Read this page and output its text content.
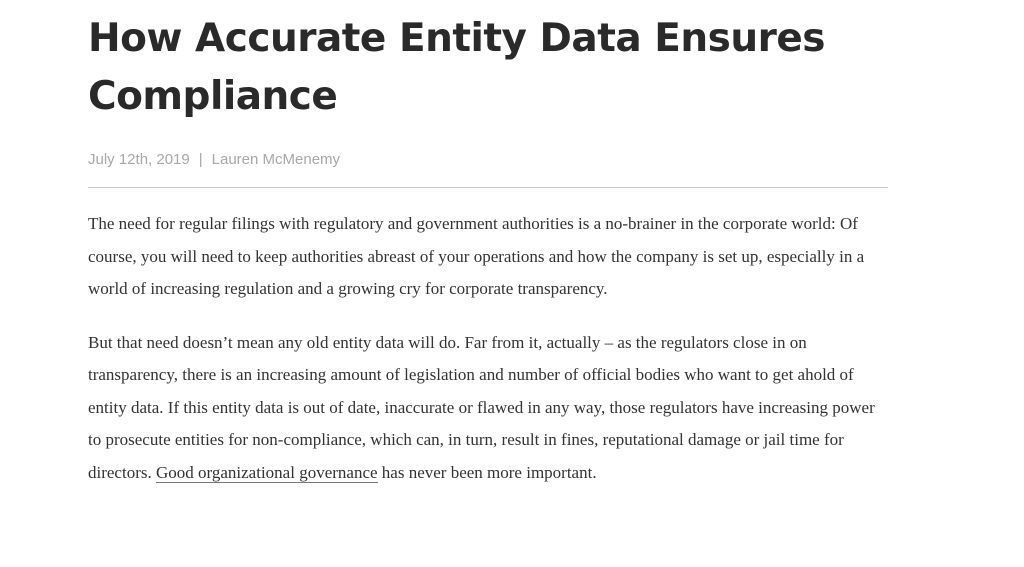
How Accurate Entity Data Ensures Compliance
July 12th, 2019 | Lauren McMenemy

The need for regular filings with regulatory and government authorities is a no-brainer in the corporate world: Of course, you will need to keep authorities abreast of your operations and how the company is set up, especially in a world of increasing regulation and a growing cry for corporate transparency.

But that need doesn’t mean any old entity data will do. Far from it, actually – as the regulators close in on transparency, there is an increasing amount of legislation and number of official bodies who want to get ahold of entity data. If this entity data is out of date, inaccurate or flawed in any way, those regulators have increasing power to prosecute entities for non-compliance, which can, in turn, result in fines, reputational damage or jail time for directors. Good organizational governance has never been more important.
